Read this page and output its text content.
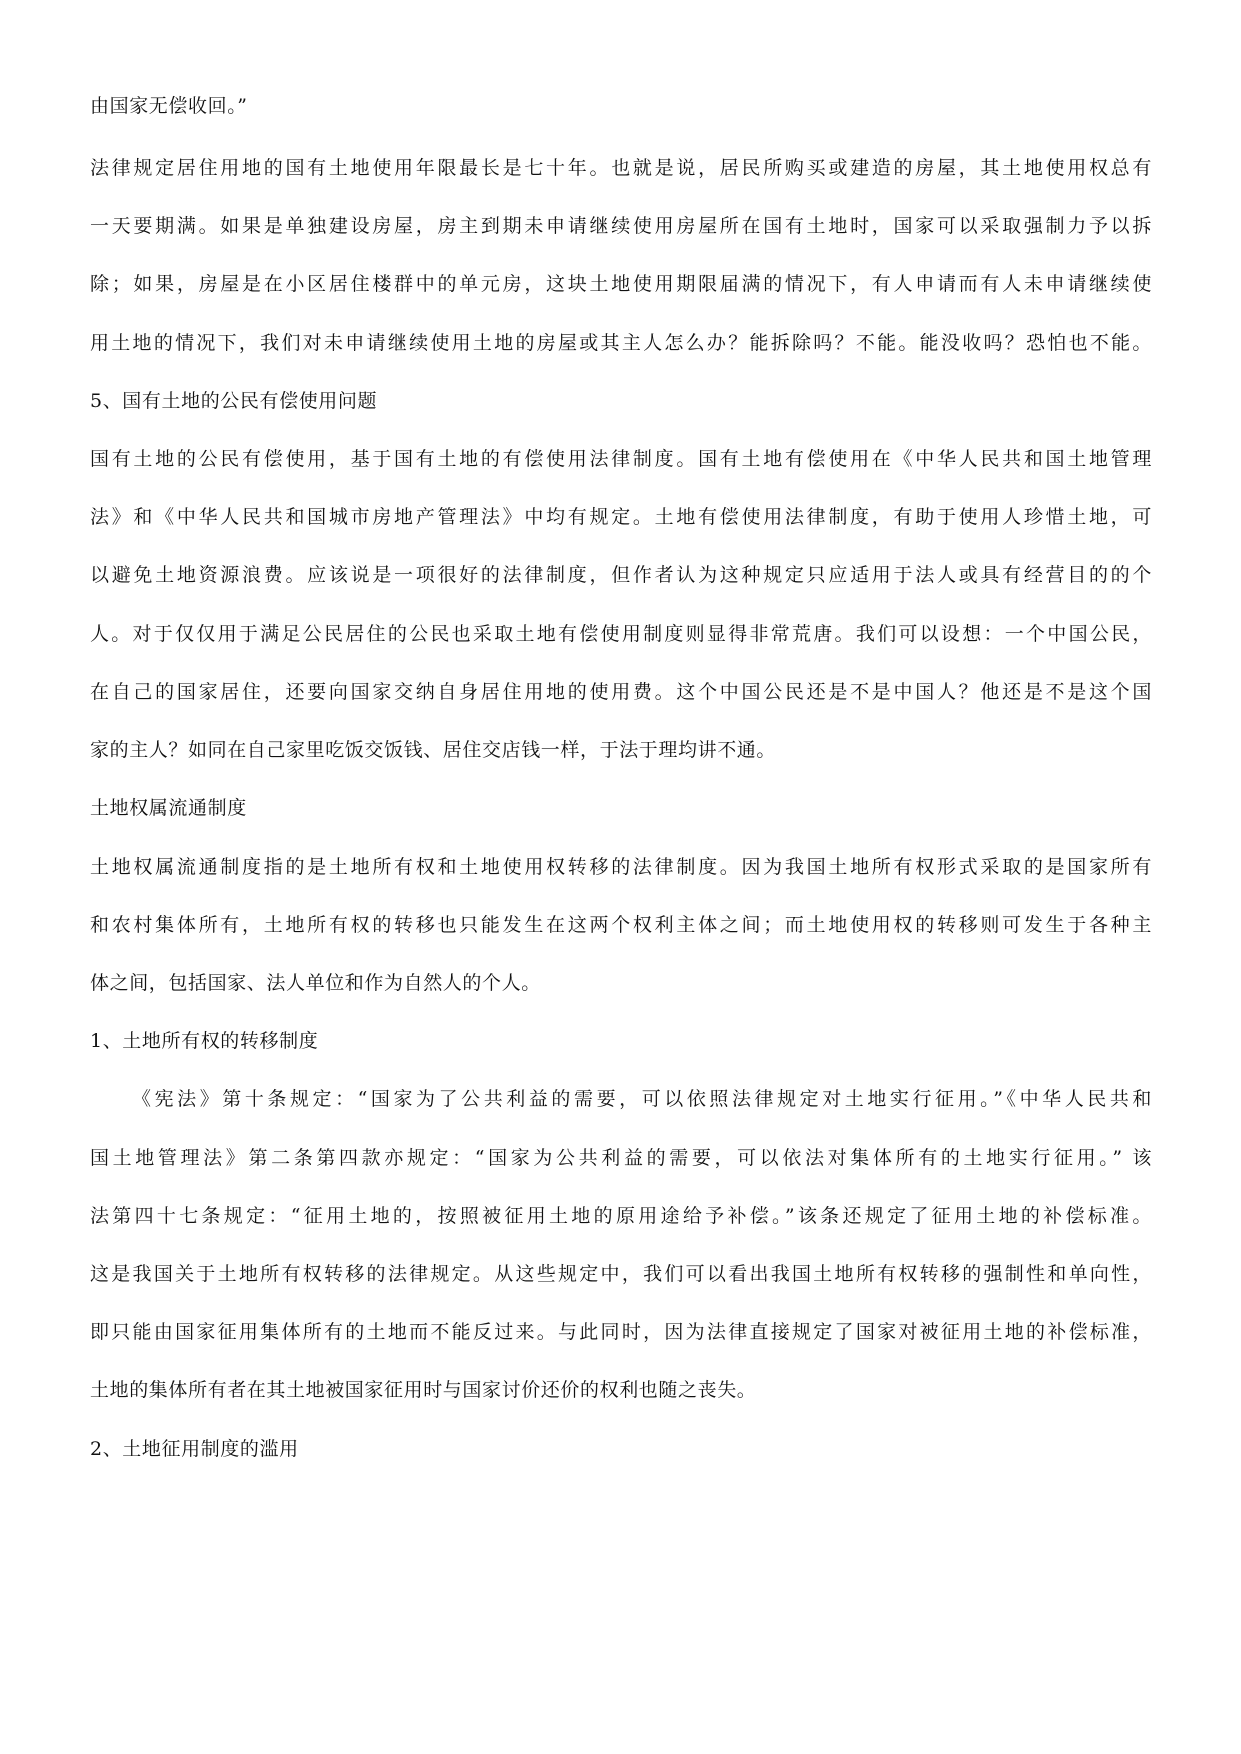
由国家无偿收回。”
法律规定居住用地的国有土地使用年限最长是七十年。也就是说，居民所购买或建造的房屋，其土地使用权总有
一天要期满。如果是单独建设房屋，房主到期未申请继续使用房屋所在国有土地时，国家可以采取强制力予以拆
除；如果，房屋是在小区居住楼群中的单元房，这块土地使用期限届满的情况下，有人申请而有人未申请继续使
用土地的情况下，我们对未申请继续使用土地的房屋或其主人怎么办？能拆除吗？不能。能没收吗？恐怕也不能。
5、国有土地的公民有偿使用问题
国有土地的公民有偿使用，基于国有土地的有偿使用法律制度。国有土地有偿使用在《中华人民共和国土地管理
法》和《中华人民共和国城市房地产管理法》中均有规定。土地有偿使用法律制度，有助于使用人珍惜土地，可
以避免土地资源浪费。应该说是一项很好的法律制度，但作者认为这种规定只应适用于法人或具有经营目的的个
人。对于仅仅用于满足公民居住的公民也采取土地有偿使用制度则显得非常荒唐。我们可以设想：一个中国公民，
在自己的国家居住，还要向国家交纳自身居住用地的使用费。这个中国公民还是不是中国人？他还是不是这个国
家的主人？如同在自己家里吃饭交饭钱、居住交店钱一样，于法于理均讲不通。
土地权属流通制度
土地权属流通制度指的是土地所有权和土地使用权转移的法律制度。因为我国土地所有权形式采取的是国家所有
和农村集体所有，土地所有权的转移也只能发生在这两个权利主体之间；而土地使用权的转移则可发生于各种主
体之间，包括国家、法人单位和作为自然人的个人。
1、土地所有权的转移制度
《宪法》第十条规定：“国家为了公共利益的需要，可以依照法律规定对土地实行征用。”《中华人民共和
国土地管理法》第二条第四款亦规定：“国家为公共利益的需要，可以依法对集体所有的土地实行征用。” 该
法第四十七条规定：“征用土地的，按照被征用土地的原用途给予补偿。”该条还规定了征用土地的补偿标准。
这是我国关于土地所有权转移的法律规定。从这些规定中，我们可以看出我国土地所有权转移的强制性和单向性，
即只能由国家征用集体所有的土地而不能反过来。与此同时，因为法律直接规定了国家对被征用土地的补偿标准，
土地的集体所有者在其土地被国家征用时与国家讨价还价的权利也随之丧失。
2、土地征用制度的滥用
